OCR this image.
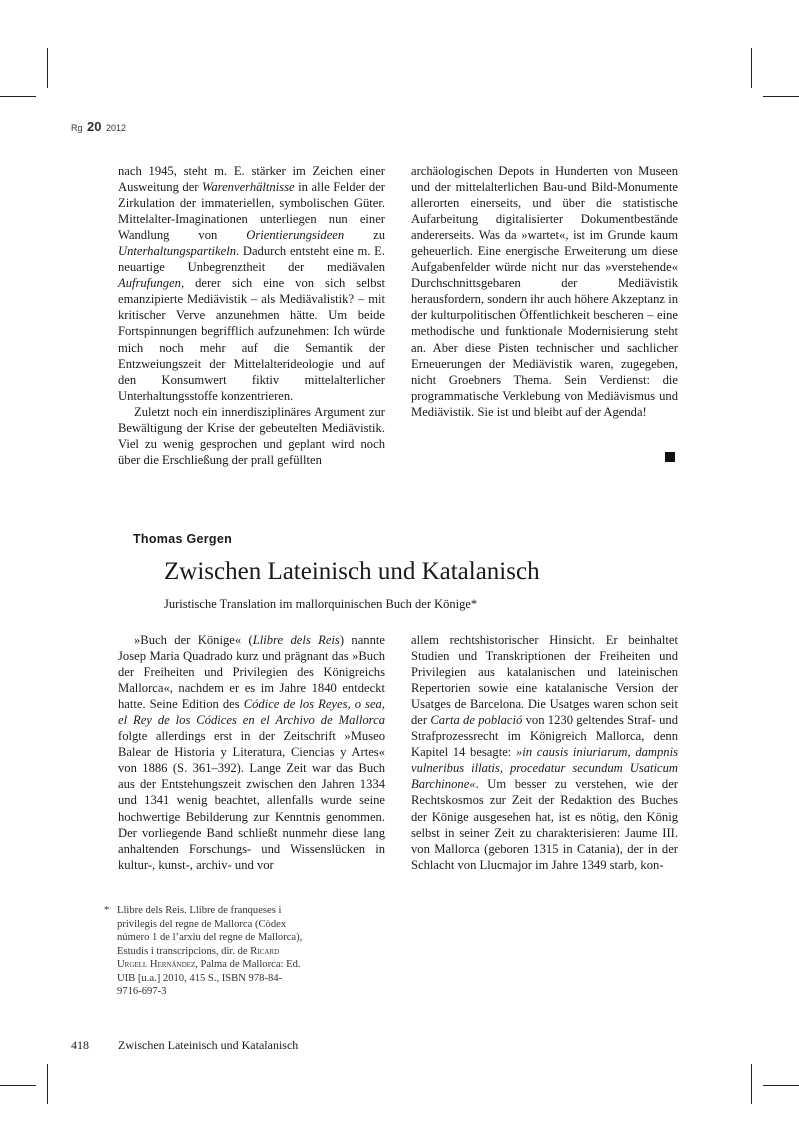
Rg 20 2012

nach 1945, steht m. E. stärker im Zeichen einer Ausweitung der Warenverhältnisse in alle Felder der Zirkulation der immateriellen, symbolischen Güter. Mittelalter-Imaginationen unterliegen nun einer Wandlung von Orientierungsideen zu Unterhaltungspartikeln. Dadurch entsteht eine m. E. neuartige Unbegrenztheit der mediävalen Aufrufungen, derer sich eine von sich selbst emanzipierte Mediävistik – als Mediävalistik? – mit kritischer Verve anzunehmen hätte. Um beide Fortspinnungen begrifflich aufzunehmen: Ich würde mich noch mehr auf die Semantik der Entzweiungszeit der Mittelalterideologie und auf den Konsumwert fiktiv mittelalterlicher Unterhaltungsstoffe konzentrieren.

Zuletzt noch ein innerdisziplinäres Argument zur Bewältigung der Krise der gebeutelten Mediävistik. Viel zu wenig gesprochen und geplant wird noch über die Erschließung der prall gefüllten

archäologischen Depots in Hunderten von Museen und der mittelalterlichen Bau-und Bild-Monumente allerorten einerseits, und über die statistische Aufarbeitung digitalisierter Dokumentbestände andererseits. Was da »wartet«, ist im Grunde kaum geheuerlich. Eine energische Erweiterung um diese Aufgabenfelder würde nicht nur das »verstehende« Durchschnittsgebaren der Mediävistik herausfordern, sondern ihr auch höhere Akzeptanz in der kulturpolitischen Öffentlichkeit bescheren – eine methodische und funktionale Modernisierung steht an. Aber diese Pisten technischer und sachlicher Erneuerungen der Mediävistik waren, zugegeben, nicht Groebners Thema. Sein Verdienst: die programmatische Verklebung von Mediävismus und Mediävistik. Sie ist und bleibt auf der Agenda!

Thomas Gergen
Zwischen Lateinisch und Katalanisch
Juristische Translation im mallorquinischen Buch der Könige*

»Buch der Könige« (Llibre dels Reis) nannte Josep Maria Quadrado kurz und prägnant das »Buch der Freiheiten und Privilegien des Königreichs Mallorca«, nachdem er es im Jahre 1840 entdeckt hatte. Seine Edition des Códice de los Reyes, o sea, el Rey de los Códices en el Archivo de Mallorca folgte allerdings erst in der Zeitschrift »Museo Balear de Historia y Literatura, Ciencias y Artes« von 1886 (S. 361–392). Lange Zeit war das Buch aus der Entstehungszeit zwischen den Jahren 1334 und 1341 wenig beachtet, allenfalls wurde seine hochwertige Bebilderung zur Kenntnis genommen. Der vorliegende Band schließt nunmehr diese lang anhaltenden Forschungs- und Wissenslücken in kultur-, kunst-, archiv- und vor

allem rechtshistorischer Hinsicht. Er beinhaltet Studien und Transkriptionen der Freiheiten und Privilegien aus katalanischen und lateinischen Repertorien sowie eine katalanische Version der Usatges de Barcelona. Die Usatges waren schon seit der Carta de població von 1230 geltendes Straf- und Strafprozessrecht im Königreich Mallorca, denn Kapitel 14 besagte: »in causis iniuriarum, dampnis vulneribus illatis, procedatur secundum Usaticum Barchinone«. Um besser zu verstehen, wie der Rechtskosmos zur Zeit der Redaktion des Buches der Könige ausgesehen hat, ist es nötig, den König selbst in seiner Zeit zu charakterisieren: Jaume III. von Mallorca (geboren 1315 in Catania), der in der Schlacht von Llucmajor im Jahre 1349 starb, kon-

* Llibre dels Reis. Llibre de franqueses i privilegis del regne de Mallorca (Còdex número 1 de l’arxiu del regne de Mallorca), Estudis i transcripcions, dir. de Ricard Urgell Hernández, Palma de Mallorca: Ed. UIB [u.a.] 2010, 415 S., ISBN 978-84-9716-697-3
418 Zwischen Lateinisch und Katalanisch
